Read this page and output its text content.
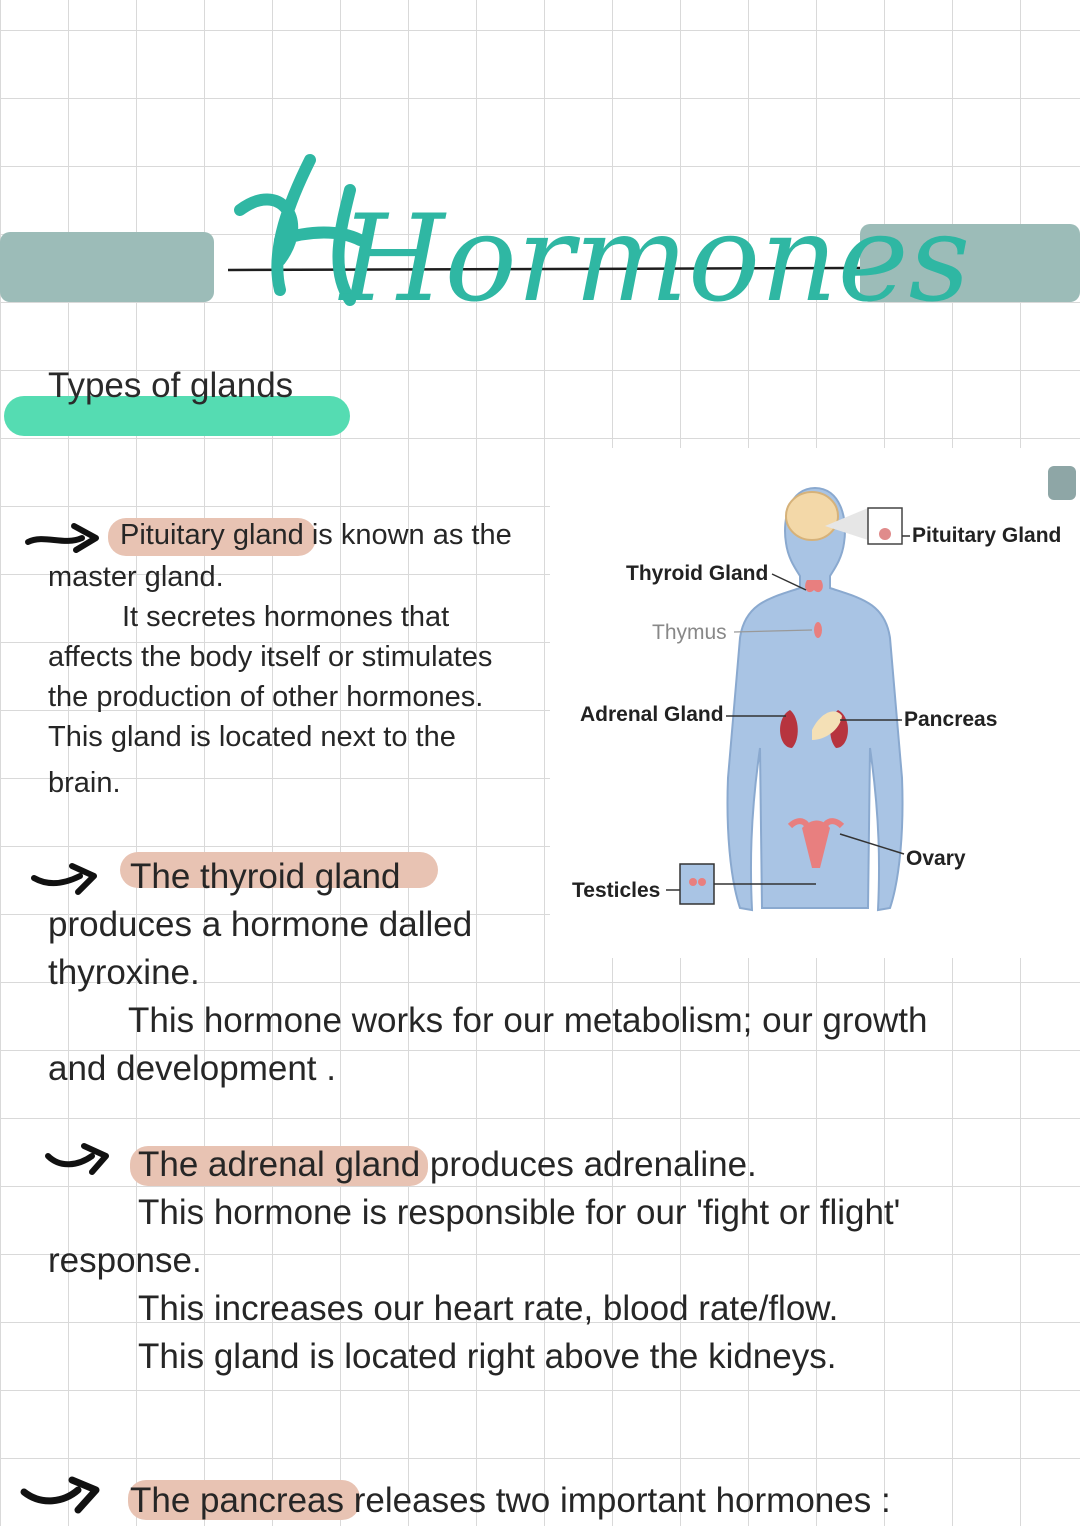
Hormones
Types of glands
Pituitary gland is known as the
master gland.
It secretes hormones that
affects the body itself or stimulates
the production of other hormones.
This gland is located next to the
brain.
Pituitary Gland
Thyroid Gland
Thymus
Adrenal Gland	Pancreas
Ovary
Testicles
The thyroid gland
produces a hormone dalled
thyroxine.
This hormone works for our metabolism; our growth
and development .
The adrenal gland produces adrenaline.
This hormone is responsible for our 'fight or flight'
response.
This increases our heart rate, blood rate/flow.
This gland is located right above the kidneys.
The pancreas releases two important hormones :
